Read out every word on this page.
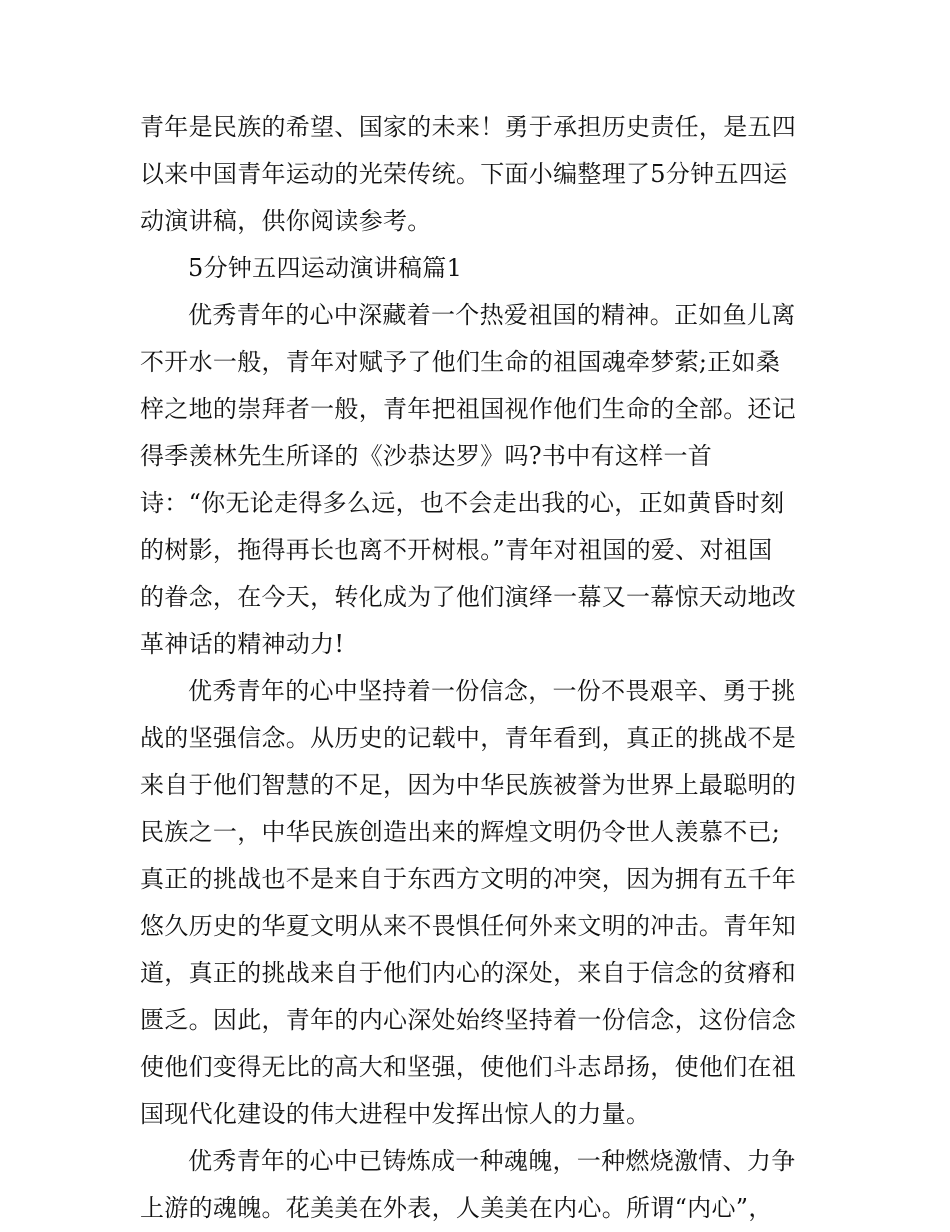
青年是民族的希望、国家的未来！勇于承担历史责任，是五四
以来中国青年运动的光荣传统。下面小编整理了5分钟五四运
动演讲稿，供你阅读参考。
5分钟五四运动演讲稿篇1
优秀青年的心中深藏着一个热爱祖国的精神。正如鱼儿离
不开水一般，青年对赋予了他们生命的祖国魂牵梦萦;正如桑
梓之地的崇拜者一般，青年把祖国视作他们生命的全部。还记
得季羡林先生所译的《沙恭达罗》吗?书中有这样一首
诗：“你无论走得多么远，也不会走出我的心，正如黄昏时刻
的树影，拖得再长也离不开树根。”青年对祖国的爱、对祖国
的眷念，在今天，转化成为了他们演绎一幕又一幕惊天动地改
革神话的精神动力!
优秀青年的心中坚持着一份信念，一份不畏艰辛、勇于挑
战的坚强信念。从历史的记载中，青年看到，真正的挑战不是
来自于他们智慧的不足，因为中华民族被誉为世界上最聪明的
民族之一，中华民族创造出来的辉煌文明仍令世人羡慕不已;
真正的挑战也不是来自于东西方文明的冲突，因为拥有五千年
悠久历史的华夏文明从来不畏惧任何外来文明的冲击。青年知
道，真正的挑战来自于他们内心的深处，来自于信念的贫瘠和
匮乏。因此，青年的内心深处始终坚持着一份信念，这份信念
使他们变得无比的高大和坚强，使他们斗志昂扬，使他们在祖
国现代化建设的伟大进程中发挥出惊人的力量。
优秀青年的心中已铸炼成一种魂魄，一种燃烧激情、力争
上游的魂魄。花美美在外表，人美美在内心。所谓“内心”，
